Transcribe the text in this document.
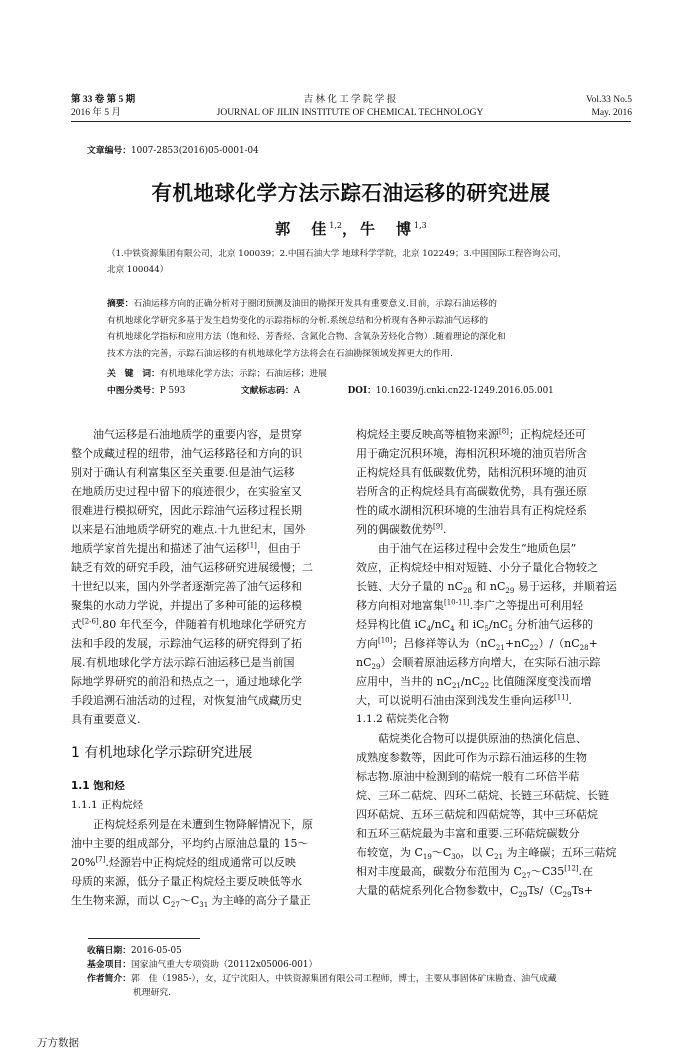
第 33 卷 第 5 期
2016 年 5 月
吉 林 化 工 学 院 学 报
JOURNAL OF JILIN INSTITUTE OF CHEMICAL TECHNOLOGY
Vol.33 No.5
May. 2016
文章编号：1007-2853(2016)05-0001-04
有机地球化学方法示踪石油运移的研究进展
郭　佳$^{1,2}$，牛　博$^{1,3}$
（1.中铁资源集团有限公司，北京 100039；2.中国石油大学 地球科学学院，北京 102249；3.中国国际工程咨询公司，
北京 100044）
摘要：石油运移方向的正确分析对于圈闭预测及油田的勘探开发具有重要意义.目前，示踪石油运移的
有机地球化学研究多基于发生趋势变化的示踪指标的分析.系统总结和分析现有各种示踪油气运移的
有机地球化学指标和应用方法（饱和烃、芳香烃、含氮化合物、含氧杂芳烃化合物）.随着理论的深化和
技术方法的完善，示踪石油运移的有机地球化学方法将会在石油勘探领域发挥更大的作用.
关　键　词：有机地球化学方法；示踪；石油运移；进展
中图分类号：P 593	文献标志码：A	DOI：10.16039/j.cnki.cn22-1249.2016.05.001

油气运移是石油地质学的重要内容，是贯穿

整个成藏过程的纽带，油气运移路径和方向的识
别对于确认有利富集区至关重要.但是油气运移
在地质历史过程中留下的痕迹很少，在实验室又
很难进行模拟研究，因此示踪油气运移过程长期
以来是石油地质学研究的难点.十九世纪末，国外
地质学家首先提出和描述了油气运移[1]，但由于
缺乏有效的研究手段，油气运移研究进展缓慢；二
十世纪以来，国内外学者逐渐完善了油气运移和
聚集的水动力学说，并提出了多种可能的运移模
式[2-6].80 年代至今，伴随着有机地球化学研究方
法和手段的发展，示踪油气运移的研究得到了拓
展.有机地球化学方法示踪石油运移已是当前国
际地学界研究的前沿和热点之一，通过地球化学
手段追溯石油活动的过程，对恢复油气成藏历史
具有重要意义.
1 有机地球化学示踪研究进展
1.1 饱和烃
1.1.1 正构烷烃

正构烷烃系列是在未遭到生物降解情况下，原

油中主要的组成部分，平均约占原油总量的 15～
20%[7].烃源岩中正构烷烃的组成通常可以反映
母质的来源，低分子量正构烷烃主要反映低等水
生生物来源，而以 $C_{27}\sim C_{31}$ 为主峰的高分子量正
构烷烃主要反映高等植物来源[8]；正构烷烃还可
用于确定沉积环境，海相沉积环境的油页岩所含
正构烷烃具有低碳数优势，陆相沉积环境的油页
岩所含的正构烷烃具有高碳数优势，具有强还原
性的咸水湖相沉积环境的生油岩具有正构烷烃系
列的偶碳数优势[9].

由于油气在运移过程中会发生“地质色层”

效应，正构烷烃中相对短链、小分子量化合物较之
长链、大分子量的 $nC_{28}$ 和 $nC_{29}$ 易于运移，并顺着运
移方向相对地富集[10-11].李广之等提出可利用轻
烃异构比值 $iC_4/nC_4$ 和 $iC_5/nC_5$ 分析油气运移的
方向[10]；吕修祥等认为$(nC_{21}+nC_{22})/(nC_{28}+$
$nC_{29}$）会顺着原油运移方向增大，在实际石油示踪
应用中，当井的 $nC_{21}/nC_{22}$ 比值随深度变浅而增
大，可以说明石油由深到浅发生垂向运移[11].
1.1.2 萜烷类化合物

萜烷类化合物可以提供原油的热演化信息、

成熟度参数等，因此可作为示踪石油运移的生物
标志物.原油中检测到的萜烷一般有二环倍半萜
烷、三环二萜烷、四环二萜烷、长链三环萜烷、长链
四环萜烷、五环三萜烷和四萜烷等，其中三环萜烷
和五环三萜烷最为丰富和重要.三环萜烷碳数分
布较宽，为 $C_{19}\sim C_{30}$，以 $C_{21}$ 为主峰碳；五环三萜烷
相对丰度最高，碳数分布范围为 $C_{27}\sim C35[12]$.在
大量的萜烷系列化合物参数中，$C_{29}Ts/(C_{29}Ts+$
收稿日期：2016-05-05
基金项目：国家油气重大专项资助（20112x05006-001）
作者简介：郭　佳（1985-），女，辽宁沈阳人，中铁资源集团有限公司工程师，博士，主要从事固体矿床勘查、油气成藏
机理研究.
万方数据
